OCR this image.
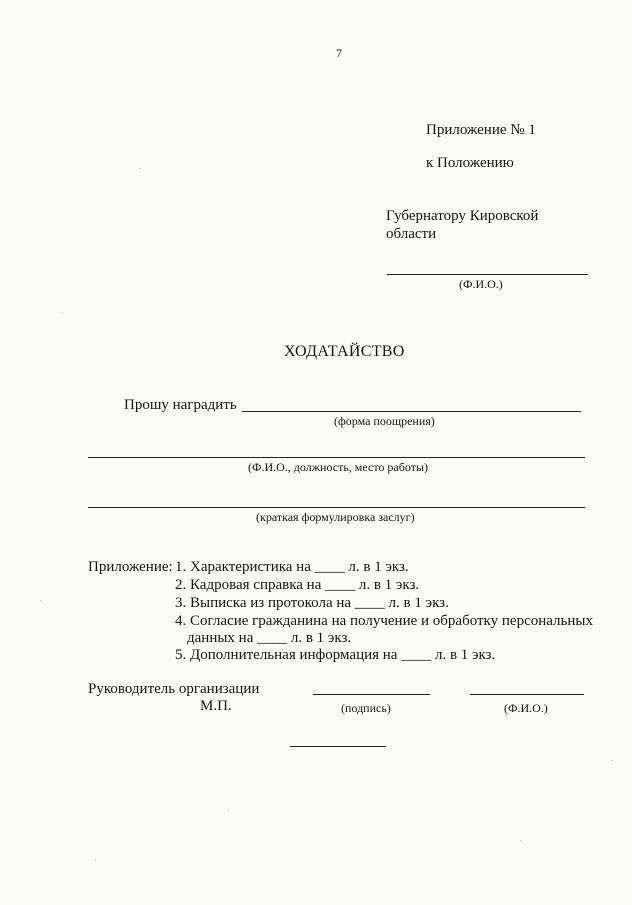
7
Приложение № 1
к Положению
Губернатору Кировской
области
(Ф.И.О.)
ХОДАТАЙСТВО
Прошу наградить
(форма поощрения)
(Ф.И.О., должность, место работы)
(краткая формулировка заслуг)
Приложение: 1. Характеристика на ____ л. в 1 экз.
2. Кадровая справка на ____ л. в 1 экз.
3. Выписка из протокола на ____ л. в 1 экз.
4. Согласие гражданина на получение и обработку персональных
данных на ____ л. в 1 экз.
5. Дополнительная информация на ____ л. в 1 экз.
Руководитель организации
М.П.	(подпись)	(Ф.И.О.)
